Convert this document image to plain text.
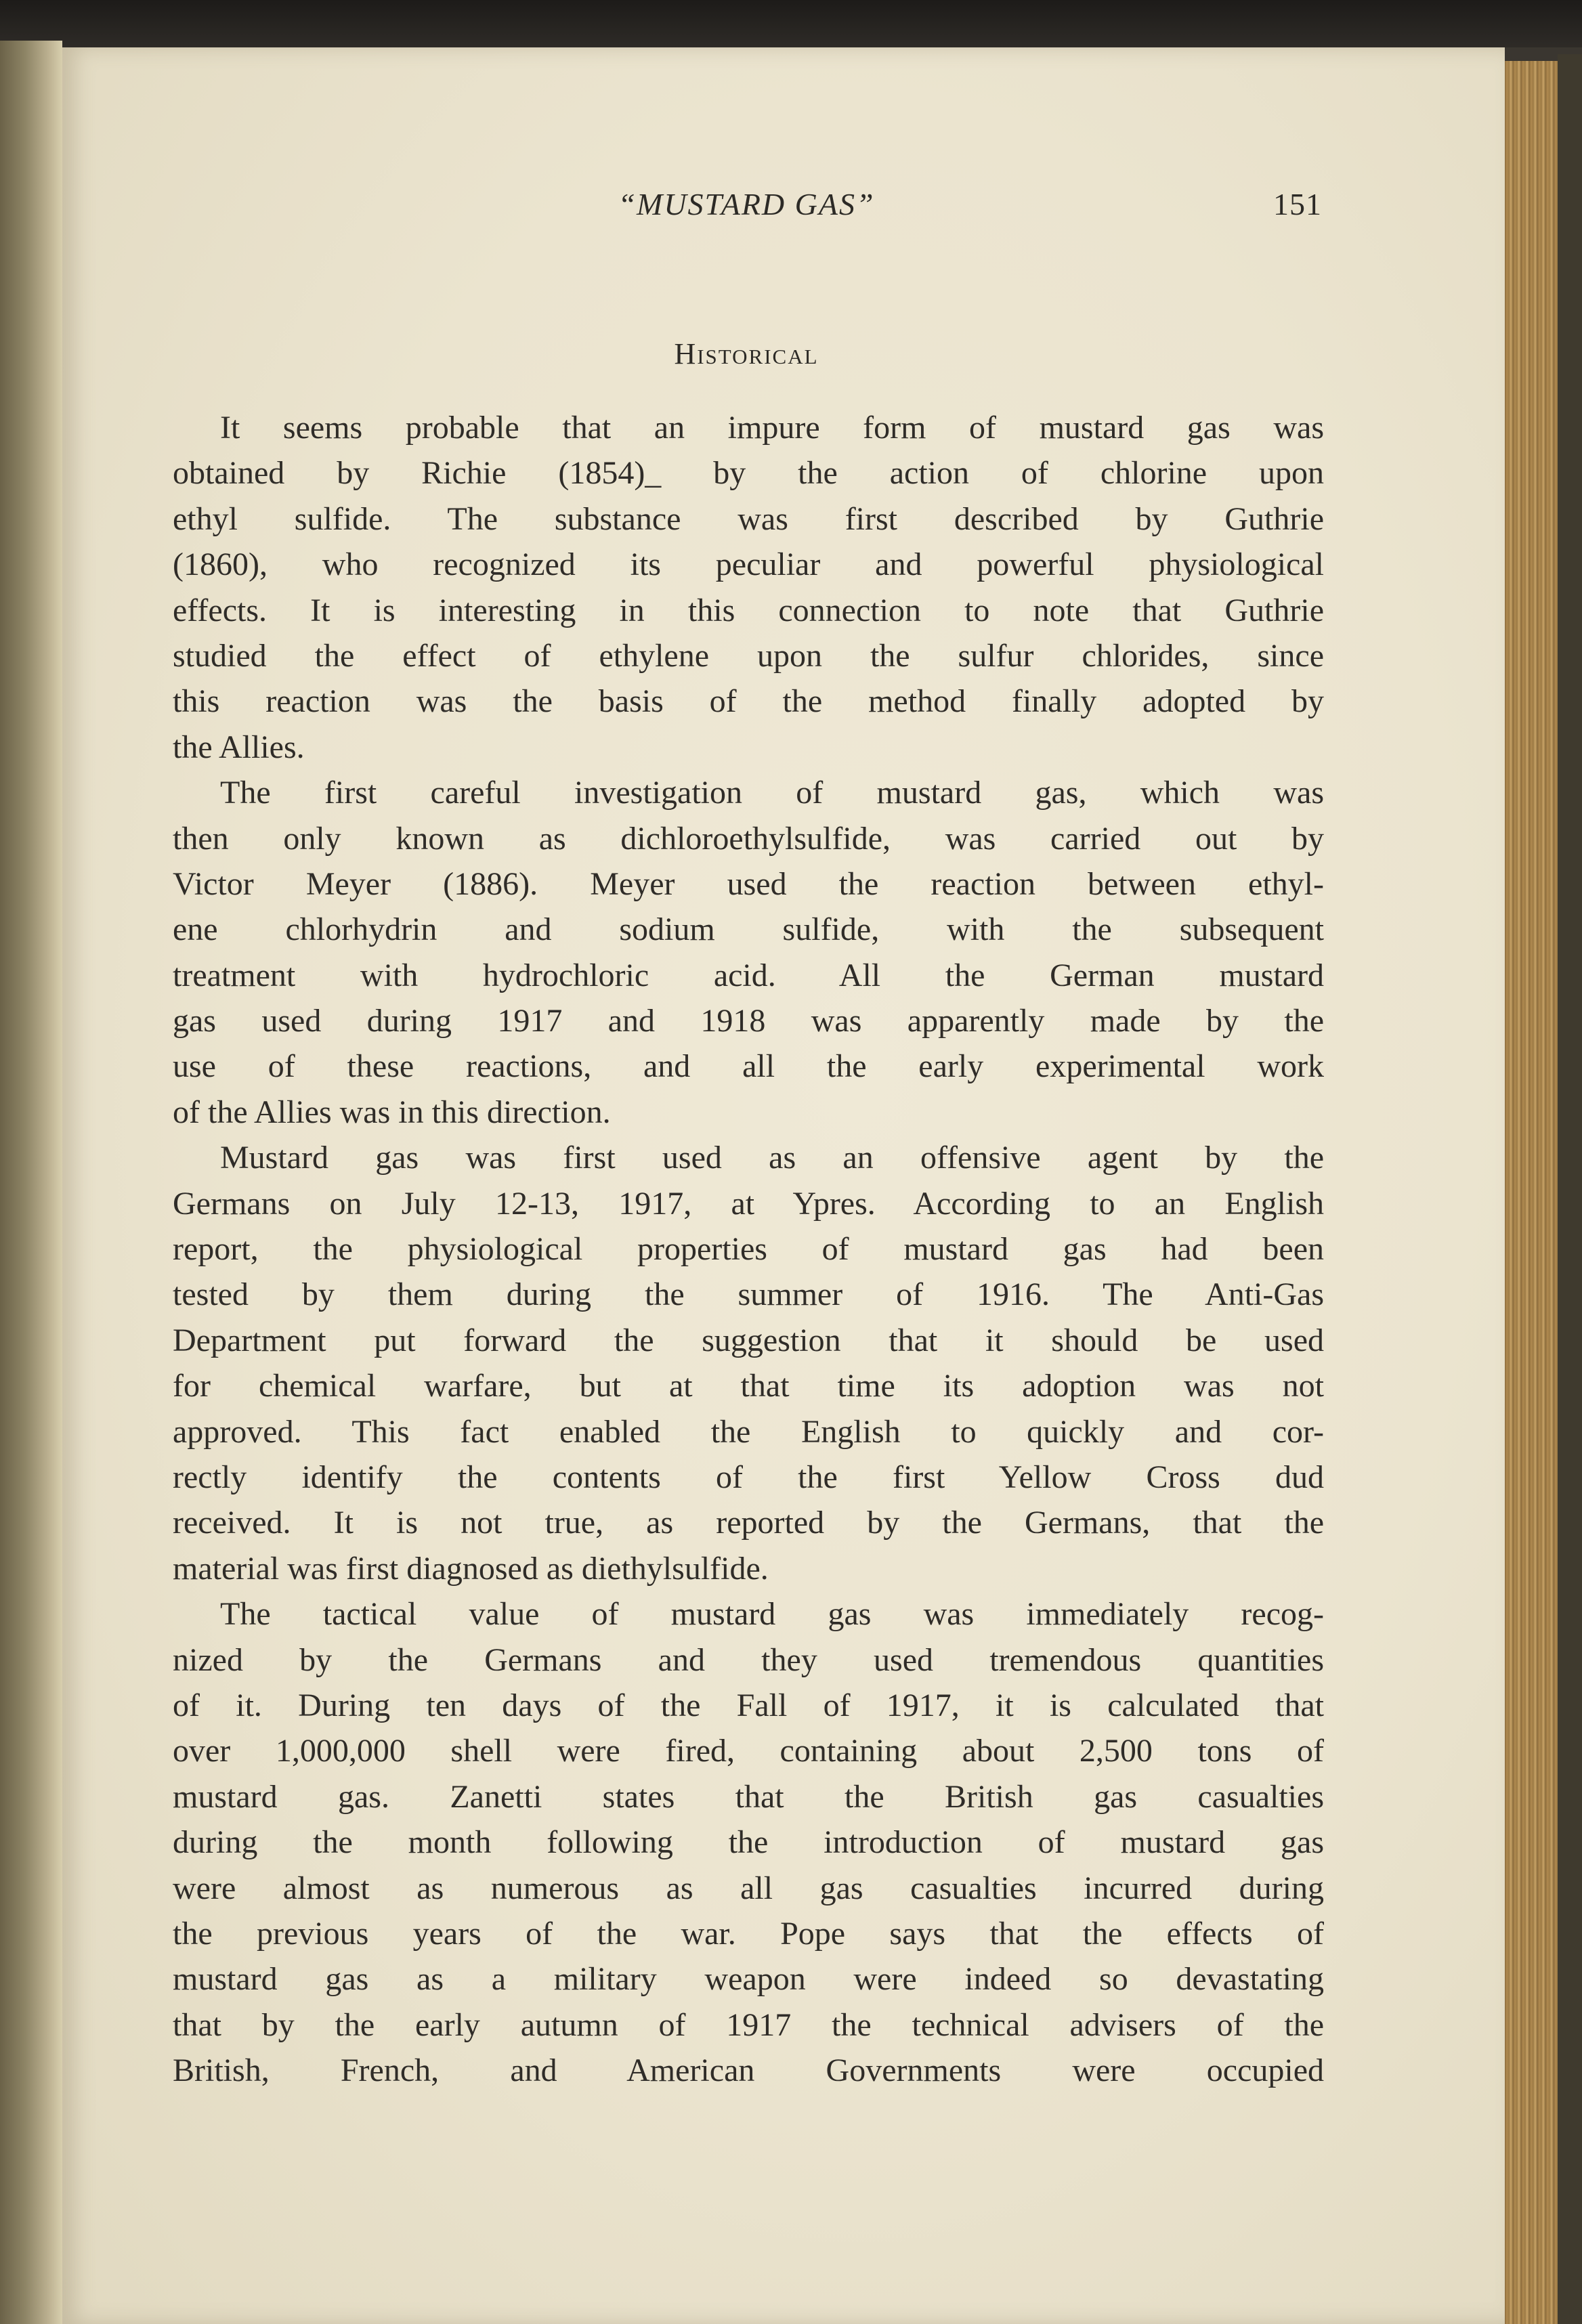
“MUSTARD GAS”	151
Historical

It seems probable that an impure form of mustard gas was
obtained by Richie (1854)_ by the action of chlorine upon
ethyl sulfide. The substance was first described by Guthrie
(1860), who recognized its peculiar and powerful physiological
effects. It is interesting in this connection to note that Guthrie
studied the effect of ethylene upon the sulfur chlorides, since
this reaction was the basis of the method finally adopted by
the Allies.

The first careful investigation of mustard gas, which was
then only known as dichloroethylsulfide, was carried out by
Victor Meyer (1886). Meyer used the reaction between ethyl-
ene chlorhydrin and sodium sulfide, with the subsequent
treatment with hydrochloric acid. All the German mustard
gas used during 1917 and 1918 was apparently made by the
use of these reactions, and all the early experimental work
of the Allies was in this direction.

Mustard gas was first used as an offensive agent by the
Germans on July 12-13, 1917, at Ypres. According to an English
report, the physiological properties of mustard gas had been
tested by them during the summer of 1916. The Anti-Gas
Department put forward the suggestion that it should be used
for chemical warfare, but at that time its adoption was not
approved. This fact enabled the English to quickly and cor-
rectly identify the contents of the first Yellow Cross dud
received. It is not true, as reported by the Germans, that the
material was first diagnosed as diethylsulfide.

The tactical value of mustard gas was immediately recog-
nized by the Germans and they used tremendous quantities
of it. During ten days of the Fall of 1917, it is calculated that
over 1,000,000 shell were fired, containing about 2,500 tons of
mustard gas. Zanetti states that the British gas casualties
during the month following the introduction of mustard gas
were almost as numerous as all gas casualties incurred during
the previous years of the war. Pope says that the effects of
mustard gas as a military weapon were indeed so devastating
that by the early autumn of 1917 the technical advisers of the
British, French, and American Governments were occupied
